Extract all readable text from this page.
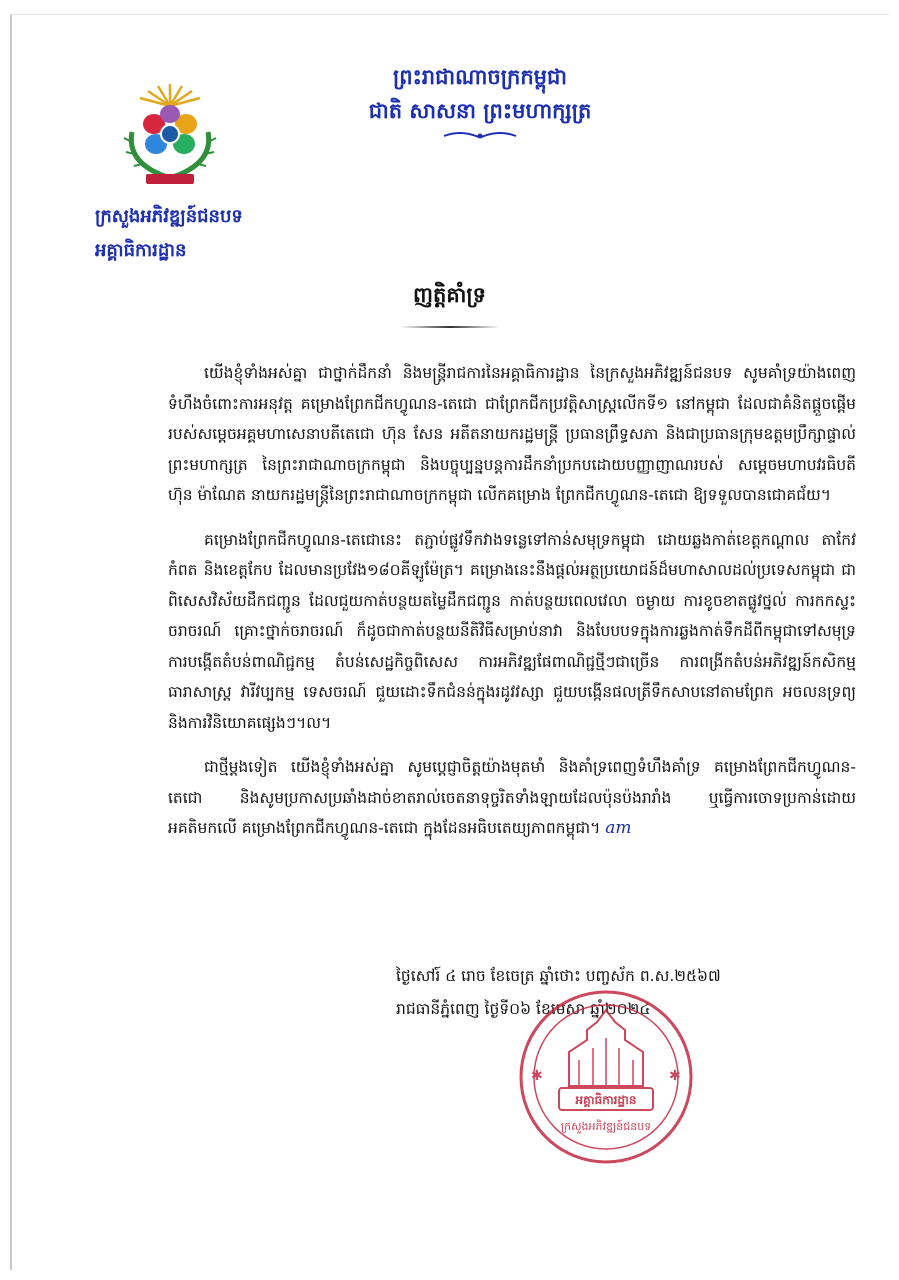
ព្រះរាជាណាចក្រកម្ពុជា
ជាតិ សាសនា ព្រះមហាក្សត្រ
ក្រសួងអភិវឌ្ឍន៍ជនបទ
អគ្គាធិការដ្ឋាន
ញត្តិគាំទ្រ

យើងខ្ញុំទាំងអស់គ្នា ជាថ្នាក់ដឹកនាំ និងមន្ត្រីរាជការនៃអគ្គាធិការដ្ឋាន នៃក្រសួងអភិវឌ្ឍន៍ជនបទ សូមគាំទ្រយ៉ាងពេញទំហឹងចំពោះការអនុវត្ត គម្រោងព្រែកជីកហ្វូណន-តេជោ ជាព្រែកជីកប្រវត្តិសាស្ត្រលើកទី១ នៅកម្ពុជា ដែលជាគំនិតផ្តួចផ្តើមរបស់សម្តេចអគ្គមហាសេនាបតីតេជោ ហ៊ុន សែន អតីតនាយករដ្ឋមន្ត្រី ប្រធានព្រឹទ្ធសភា និងជាប្រធានក្រុមឧត្តមប្រឹក្សាផ្ទាល់ព្រះមហាក្សត្រ នៃព្រះរាជាណាចក្រកម្ពុជា និងបច្ចុប្បន្នបន្តការដឹកនាំប្រកបដោយបញ្ញាញាណរបស់ សម្តេចមហាបវរធិបតី ហ៊ុន ម៉ាណែត នាយករដ្ឋមន្ត្រីនៃព្រះរាជាណាចក្រកម្ពុជា លើកគម្រោង ព្រែកជីកហ្វូណន-តេជោ ឱ្យទទួលបានជោគជ័យ។

គម្រោងព្រែកជីកហ្វូណន-តេជោនេះ តភ្ជាប់ផ្លូវទឹកវាងទន្លេទៅកាន់សមុទ្រកម្ពុជា ដោយឆ្លងកាត់ខេត្តកណ្តាល តាកែវ កំពត និងខេត្តកែប ដែលមានប្រវែង១៨០គីឡូម៉ែត្រ។ គម្រោងនេះនឹងផ្តល់អត្ថប្រយោជន៍ដ៏មហាសាលដល់ប្រទេសកម្ពុជា ជាពិសេសវិស័យដឹកជញ្ជូន ដែលជួយកាត់បន្ថយតម្លៃដឹកជញ្ជូន កាត់បន្ថយពេលវេលា ចម្ងាយ ការខូចខាតផ្លូវថ្នល់ ការកកស្ទះចរាចរណ៍ គ្រោះថ្នាក់ចរាចរណ៍ ក៏ដូចជាកាត់បន្ថយនីតិវិធីសម្រាប់នាវា និងបែបបទក្នុងការឆ្លងកាត់ទឹកដីពីកម្ពុជាទៅសមុទ្រ ការបង្កើតតំបន់ពាណិជ្ជកម្ម តំបន់សេដ្ឋកិច្ចពិសេស ការអភិវឌ្ឍផែពាណិជ្ជថ្មីៗជាច្រើន ការពង្រីកតំបន់អភិវឌ្ឍន៍កសិកម្ម ធារាសាស្ត្រ វារីវប្បកម្ម ទេសចរណ៍ ជួយដោះទឹកជំនន់ក្នុងរដូវវស្សា ជួយបង្កើនផលត្រីទឹកសាបនៅតាមព្រែក អចលនទ្រព្យ និងការវិនិយោគផ្សេងៗ។ល។

ជាថ្មីម្តងទៀត យើងខ្ញុំទាំងអស់គ្នា សូមប្តេជ្ញាចិត្តយ៉ាងមុតមាំ និងគាំទ្រពេញទំហឹងគាំទ្រ គម្រោងព្រែកជីកហ្វូណន-តេជោ និងសូមប្រកាសប្រឆាំងដាច់ខាតរាល់ចេតនាទុច្ចរិតទាំងឡាយដែលប៉ុនប៉ងរារាំង ឬធ្វើការចោទប្រកាន់ដោយអគតិមកលើ គម្រោងព្រែកជីកហ្វូណន-តេជោ ក្នុងដែនអធិបតេយ្យភាពកម្ពុជា។ am

ថ្ងៃសៅរ៍ ៤ រោច ខែចេត្រ ឆ្នាំថោះ បញ្ចស័ក ព.ស.២៥៦៧
រាជធានីភ្នំពេញ ថ្ងៃទី០៦ ខែមេសា ឆ្នាំ២០២៤
✱	✱
អគ្គាធិការដ្ឋាន
ក្រសួងអភិវឌ្ឍន៍ជនបទ
